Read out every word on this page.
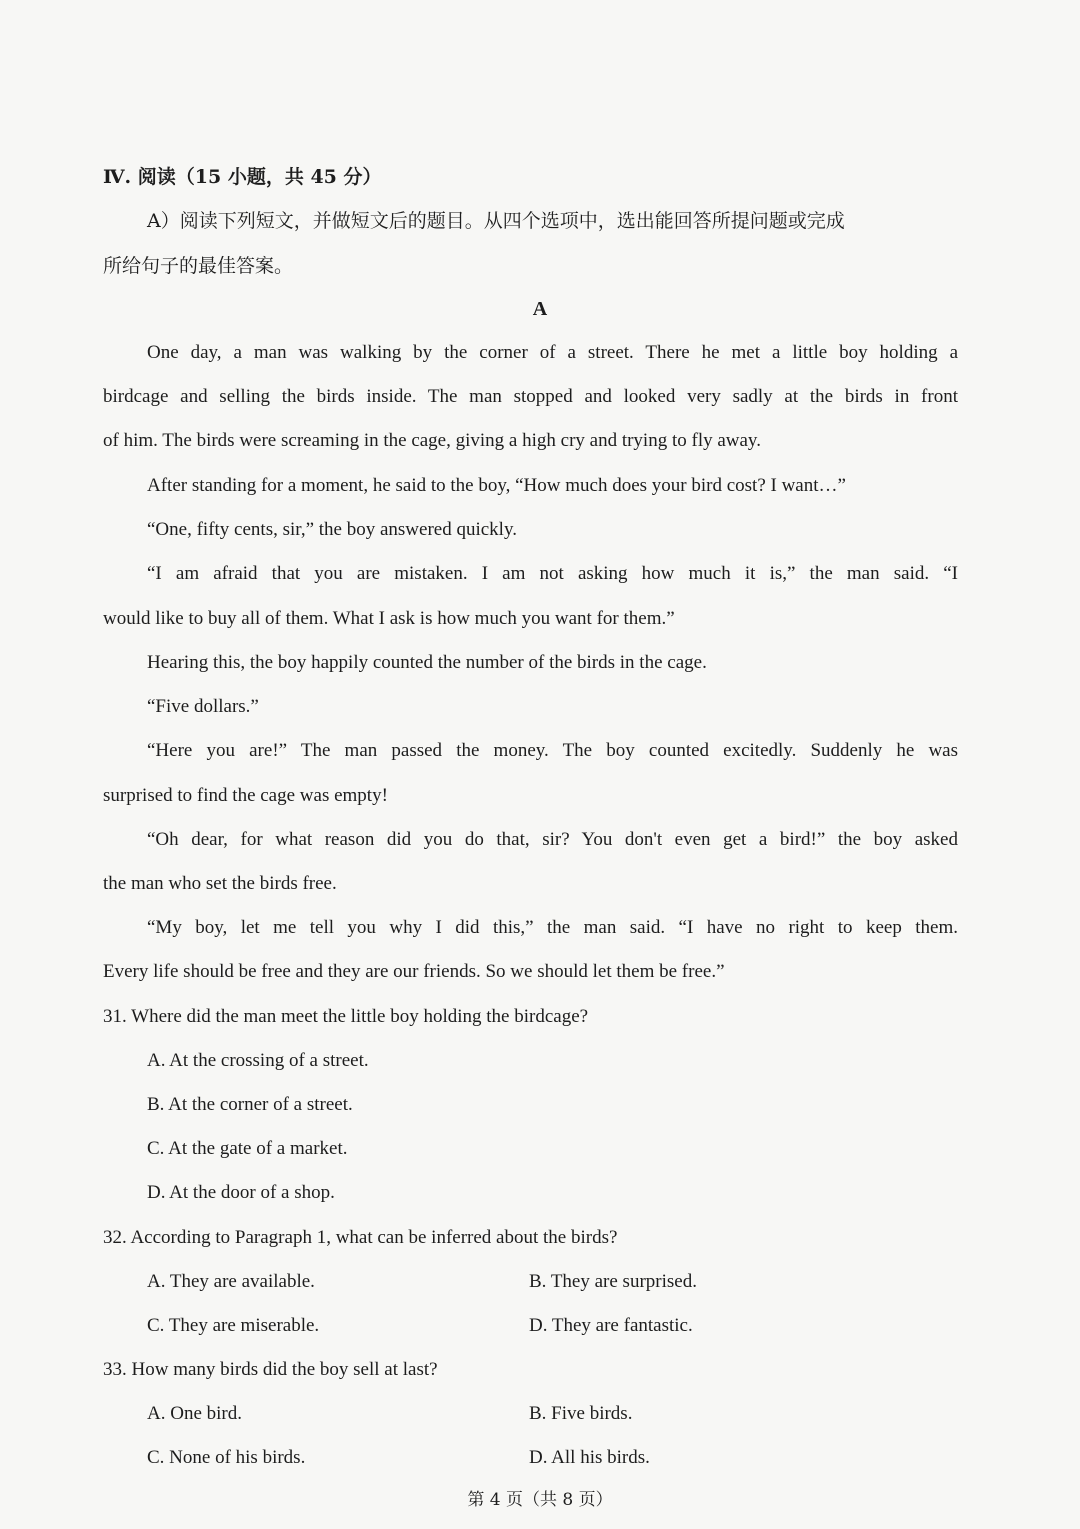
Ⅳ. 阅读（15 小题，共 45 分）
A）阅读下列短文，并做短文后的题目。从四个选项中，选出能回答所提问题或完成
所给句子的最佳答案。
A
One day, a man was walking by the corner of a street. There he met a little boy holding a
birdcage and selling the birds inside. The man stopped and looked very sadly at the birds in front
of him. The birds were screaming in the cage, giving a high cry and trying to fly away.
After standing for a moment, he said to the boy, “How much does your bird cost? I want…”
“One, fifty cents, sir,” the boy answered quickly.
“I am afraid that you are mistaken. I am not asking how much it is,” the man said. “I
would like to buy all of them. What I ask is how much you want for them.”
Hearing this, the boy happily counted the number of the birds in the cage.
“Five dollars.”
“Here you are!” The man passed the money. The boy counted excitedly. Suddenly he was
surprised to find the cage was empty!
“Oh dear, for what reason did you do that, sir? You don't even get a bird!” the boy asked
the man who set the birds free.
“My boy, let me tell you why I did this,” the man said. “I have no right to keep them.
Every life should be free and they are our friends. So we should let them be free.”
31. Where did the man meet the little boy holding the birdcage?
A. At the crossing of a street.
B. At the corner of a street.
C. At the gate of a market.
D. At the door of a shop.
32. According to Paragraph 1, what can be inferred about the birds?
A. They are available.	B. They are surprised.
C. They are miserable.	D. They are fantastic.
33. How many birds did the boy sell at last?
A. One bird.	B. Five birds.
C. None of his birds.	D. All his birds.
第 4 页（共 8 页）
